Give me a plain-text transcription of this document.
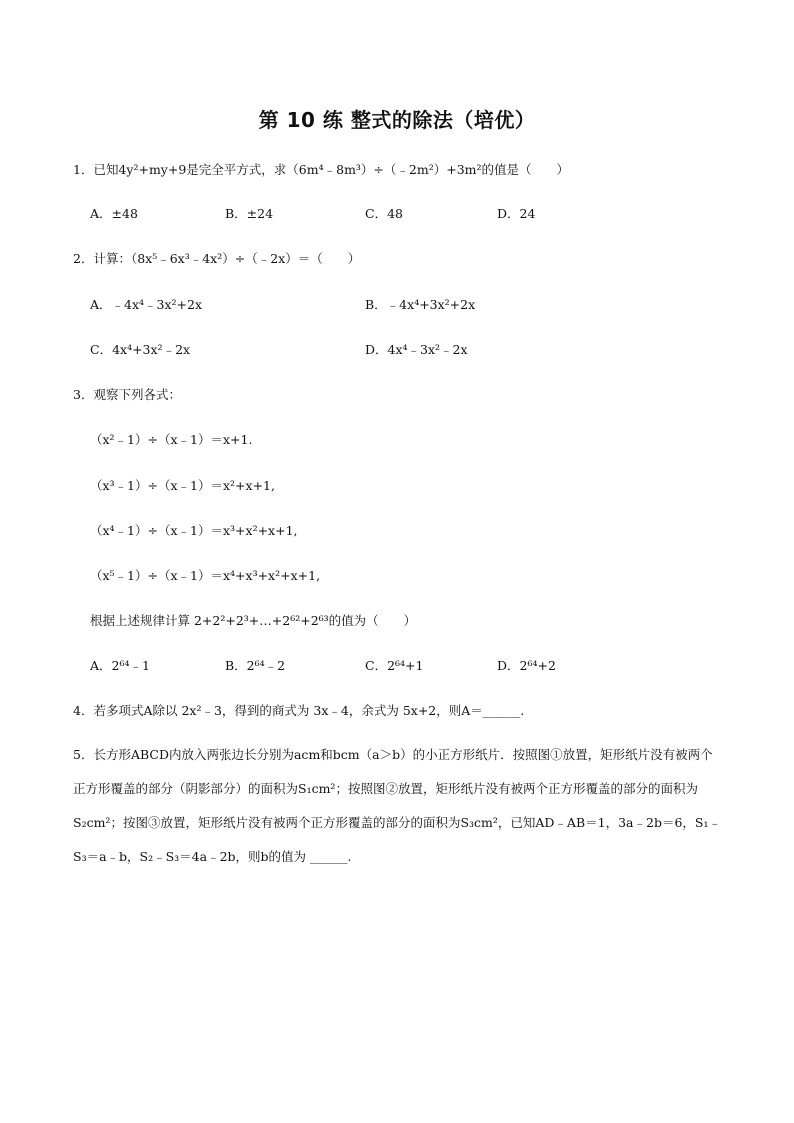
第 10 练 整式的除法（培优）
1．已知4y²+my+9是完全平方式，求（6m⁴﹣8m³）÷（﹣2m²）+3m²的值是（　　）
A．±48	B．±24	C．48	D．24
2．计算：（8x⁵﹣6x³﹣4x²）÷（﹣2x）＝（　　）
A．﹣4x⁴﹣3x²+2x	B．﹣4x⁴+3x²+2x
C．4x⁴+3x²﹣2x	D．4x⁴﹣3x²﹣2x
3．观察下列各式：
（x²﹣1）÷（x﹣1）＝x+1.
（x³﹣1）÷（x﹣1）＝x²+x+1,
（x⁴﹣1）÷（x﹣1）＝x³+x²+x+1,
（x⁵﹣1）÷（x﹣1）＝x⁴+x³+x²+x+1,
根据上述规律计算 2+2²+2³+…+2⁶²+2⁶³的值为（　　）
A．2⁶⁴﹣1	B．2⁶⁴﹣2	C．2⁶⁴+1	D．2⁶⁴+2
4．若多项式A除以 2x²﹣3，得到的商式为 3x﹣4，余式为 5x+2，则A＝______.
5．长方形ABCD内放入两张边长分别为acm和bcm（a＞b）的小正方形纸片．按照图①放置，矩形纸片没有被两个正方形覆盖的部分（阴影部分）的面积为S₁cm²；按照图②放置，矩形纸片没有被两个正方形覆盖的部分的面积为S₂cm²；按图③放置，矩形纸片没有被两个正方形覆盖的部分的面积为S₃cm²，已知AD﹣AB＝1，3a﹣2b＝6，S₁﹣S₃＝a﹣b，S₂﹣S₃＝4a﹣2b，则b的值为 ______.
